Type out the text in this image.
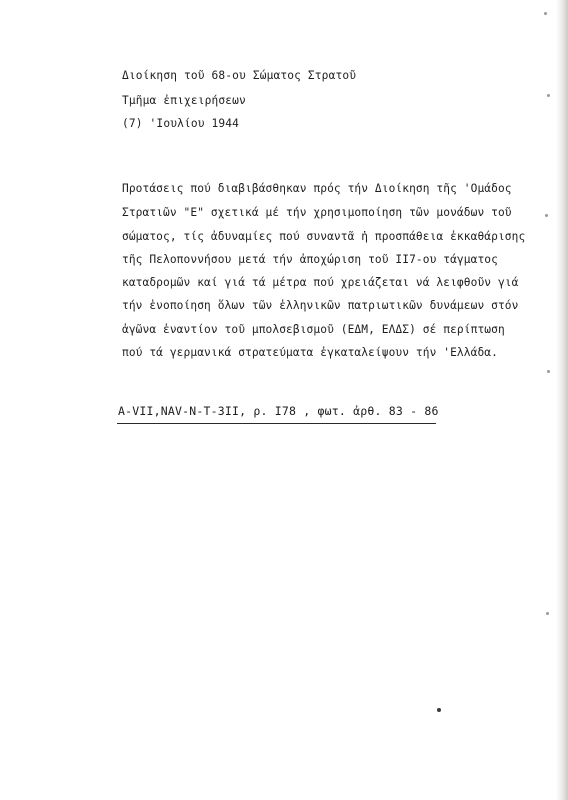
Διοίκηση τοῦ 68-ου Σώματος Στρατοῦ
Τμῆμα ἐπιχειρήσεων
(7) 'Ιουλίου 1944
Προτάσεις πού διαβιβάσθηκαν πρός τήν Διοίκηση τῆς 'Ομάδος
Στρατιῶν "Ε" σχετικά μέ τήν χρησιμοποίηση τῶν μονάδων τοῦ
σώματος, τίς ἀδυναμίες πού συναντᾶ ἡ προσπάθεια ἐκκαθάρισης
τῆς Πελοποννήσου μετά τήν ἀποχώριση τοῦ II7-ου τάγματος
καταδρομῶν καί γιά τά μέτρα πού χρειάζεται νά λειφθοῦν γιά
τήν ἑνοποίηση ὅλων τῶν ἑλληνικῶν πατριωτικῶν δυνάμεων στόν
ἀγῶνα ἐναντίον τοῦ μπολσεβισμοῦ (ΕΔΜ, ΕΛΔΣ) σέ περίπτωση
πού τά γερμανικά στρατεύματα ἐγκαταλείψουν τήν 'Ελλάδα.
A-VII,NAV-N-T-3II, ρ. I78 , φωτ. ἀρθ. 83 - 86
